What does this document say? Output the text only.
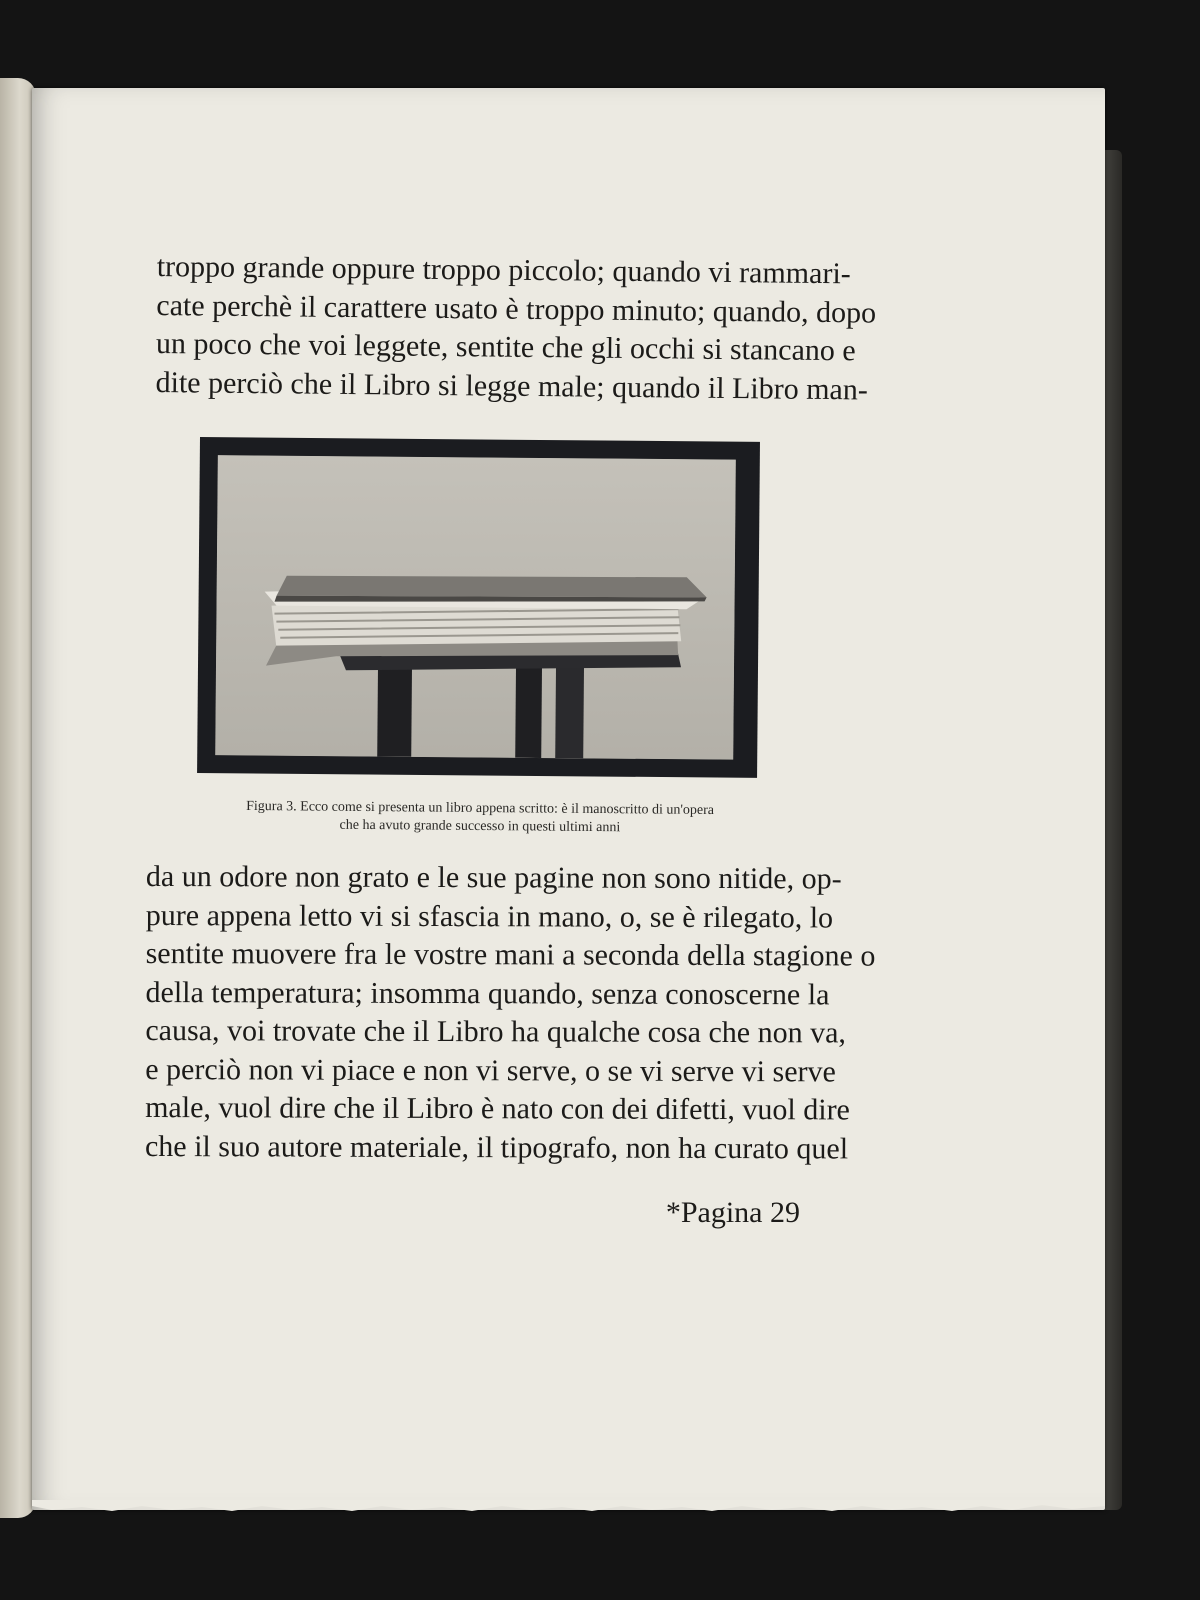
troppo grande oppure troppo piccolo; quando vi rammari-
cate perchè il carattere usato è troppo minuto; quando, dopo
un poco che voi leggete, sentite che gli occhi si stancano e
dite perciò che il Libro si legge male; quando il Libro man-
Figura 3. Ecco come si presenta un libro appena scritto: è il manoscritto di un'opera
che ha avuto grande successo in questi ultimi anni
da un odore non grato e le sue pagine non sono nitide, op-
pure appena letto vi si sfascia in mano, o, se è rilegato, lo
sentite muovere fra le vostre mani a seconda della stagione o
della temperatura; insomma quando, senza conoscerne la
causa, voi trovate che il Libro ha qualche cosa che non va,
e perciò non vi piace e non vi serve, o se vi serve vi serve
male, vuol dire che il Libro è nato con dei difetti, vuol dire
che il suo autore materiale, il tipografo, non ha curato quel
*Pagina 29
